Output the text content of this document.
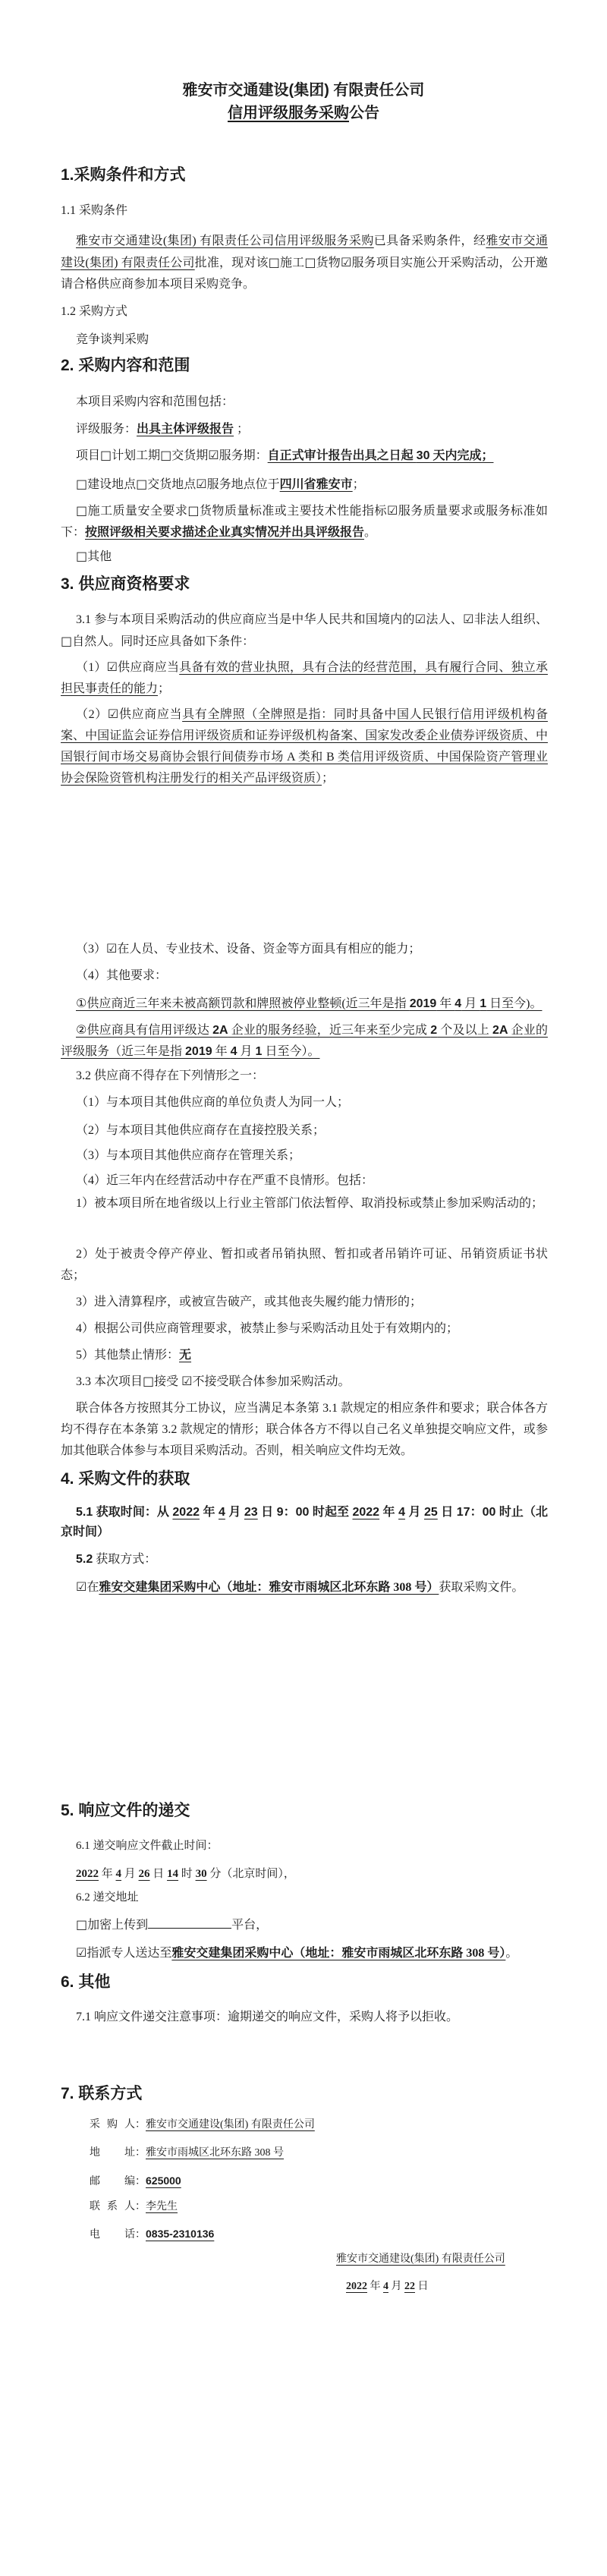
雅安市交通建设(集团) 有限责任公司
信用评级服务采购公告
1.采购条件和方式
1.1 采购条件
雅安市交通建设(集团) 有限责任公司信用评级服务采购已具备采购条件，经雅安市交通建设(集团) 有限责任公司批准，现对该□施工□货物☑服务项目实施公开采购活动，公开邀请合格供应商参加本项目采购竞争。
1.2 采购方式
竞争谈判采购
2. 采购内容和范围
本项目采购内容和范围包括：
评级服务：出具主体评级报告 ；
项目□计划工期□交货期☑服务期：自正式审计报告出具之日起 30 天内完成；
□建设地点□交货地点☑服务地点位于四川省雅安市；
□施工质量安全要求□货物质量标准或主要技术性能指标☑服务质量要求或服务标准如下：按照评级相关要求描述企业真实情况并出具评级报告。
□其他
3. 供应商资格要求
3.1 参与本项目采购活动的供应商应当是中华人民共和国境内的☑法人、☑非法人组织、□自然人。同时还应具备如下条件：
（1）☑供应商应当具备有效的营业执照，具有合法的经营范围，具有履行合同、独立承担民事责任的能力；
（2）☑供应商应当具有全牌照（全牌照是指：同时具备中国人民银行信用评级机构备案、中国证监会证券信用评级资质和证券评级机构备案、国家发改委企业债券评级资质、中国银行间市场交易商协会银行间债券市场 A 类和 B 类信用评级资质、中国保险资产管理业协会保险资管机构注册发行的相关产品评级资质）；
（3）☑在人员、专业技术、设备、资金等方面具有相应的能力；
（4）其他要求：
①供应商近三年来未被高额罚款和牌照被停业整顿(近三年是指 2019 年 4 月 1 日至今)。
②供应商具有信用评级达 2A 企业的服务经验，近三年来至少完成 2 个及以上 2A 企业的评级服务（近三年是指 2019 年 4 月 1 日至今）。
3.2 供应商不得存在下列情形之一：
（1）与本项目其他供应商的单位负责人为同一人；
（2）与本项目其他供应商存在直接控股关系；
（3）与本项目其他供应商存在管理关系；
（4）近三年内在经营活动中存在严重不良情形。包括：
1）被本项目所在地省级以上行业主管部门依法暂停、取消投标或禁止参加采购活动的；
2）处于被责令停产停业、暂扣或者吊销执照、暂扣或者吊销许可证、吊销资质证书状态；
3）进入清算程序，或被宣告破产，或其他丧失履约能力情形的；
4）根据公司供应商管理要求，被禁止参与采购活动且处于有效期内的；
5）其他禁止情形：无
3.3 本次项目□接受 ☑不接受联合体参加采购活动。
联合体各方按照其分工协议，应当满足本条第 3.1 款规定的相应条件和要求；联合体各方均不得存在本条第 3.2 款规定的情形；联合体各方不得以自己名义单独提交响应文件，或参加其他联合体参与本项目采购活动。否则，相关响应文件均无效。
4. 采购文件的获取
5.1 获取时间：从 2022 年 4 月 23 日 9：00 时起至 2022 年 4 月 25 日 17：00 时止（北京时间）
5.2 获取方式：
☑在雅安交建集团采购中心（地址：雅安市雨城区北环东路 308 号）获取采购文件。
5. 响应文件的递交
6.1 递交响应文件截止时间：
2022 年 4 月 26 日 14 时 30 分（北京时间），
6.2 递交地址
□加密上传到	平台，
☑指派专人送达至雅安交建集团采购中心（地址：雅安市雨城区北环东路 308 号）。
6. 其他
7.1 响应文件递交注意事项：逾期递交的响应文件，采购人将予以拒收。
7. 联系方式
采购人：雅安市交通建设(集团) 有限责任公司
地址：雅安市雨城区北环东路 308 号
邮编：625000
联系人：李先生
电话：0835-2310136
雅安市交通建设(集团) 有限责任公司
2022 年 4 月 22 日
